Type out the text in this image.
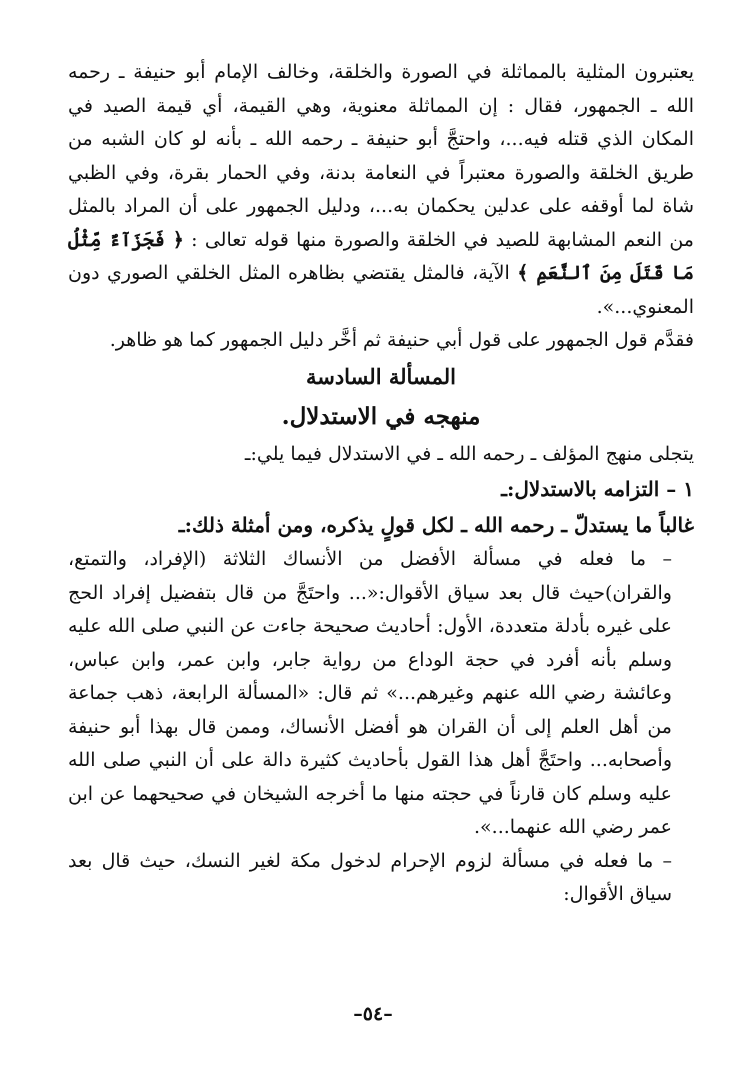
يعتبرون المثلية بالمماثلة في الصورة والخلقة، وخالف الإمام أبو حنيفة ـ رحمه الله ـ الجمهور، فقال : إن المماثلة معنوية، وهي القيمة، أي قيمة الصيد في المكان الذي قتله فيه...، واحتجَّ أبو حنيفة ـ رحمه الله ـ بأنه لو كان الشبه من طريق الخلقة والصورة معتبراً في النعامة بدنة، وفي الحمار بقرة، وفي الظبي شاة لما أوقفه على عدلين يحكمان به...، ودليل الجمهور على أن المراد بالمثل من النعم المشابهة للصيد في الخلقة والصورة منها قوله تعالى : ﴿ فَجَزَآءٌ مِّثْلُ مَا قَتَلَ مِنَ ٱلنَّعَمِ ﴾ الآية، فالمثل يقتضي بظاهره المثل الخلقي الصوري دون المعنوي...».

فقدَّم قول الجمهور على قول أبي حنيفة ثم أخَّر دليل الجمهور كما هو ظاهر.

المسألة السادسة

منهجه في الاستدلال.

يتجلى منهج المؤلف ـ رحمه الله ـ في الاستدلال فيما يلي:ـ

١ – التزامه بالاستدلال:ـ

غالباً ما يستدلّ ـ رحمه الله ـ لكل قولٍ يذكره، ومن أمثلة ذلك:ـ

– ما فعله في مسألة الأفضل من الأنساك الثلاثة (الإفراد، والتمتع، والقران)حيث قال بعد سياق الأقوال:«... واحتَجَّ من قال بتفضيل إفراد الحج على غيره بأدلة متعددة، الأول: أحاديث صحيحة جاءت عن النبي صلى الله عليه وسلم بأنه أفرد في حجة الوداع من رواية جابر، وابن عمر، وابن عباس، وعائشة رضي الله عنهم وغيرهم...» ثم قال: «المسألة الرابعة، ذهب جماعة من أهل العلم إلى أن القران هو أفضل الأنساك، وممن قال بهذا أبو حنيفة وأصحابه... واحتَجَّ أهل هذا القول بأحاديث كثيرة دالة على أن النبي صلى الله عليه وسلم كان قارناً في حجته منها ما أخرجه الشيخان في صحيحهما عن ابن عمر رضي الله عنهما...».

– ما فعله في مسألة لزوم الإحرام لدخول مكة لغير النسك، حيث قال بعد سياق الأقوال:

–٥٤–
